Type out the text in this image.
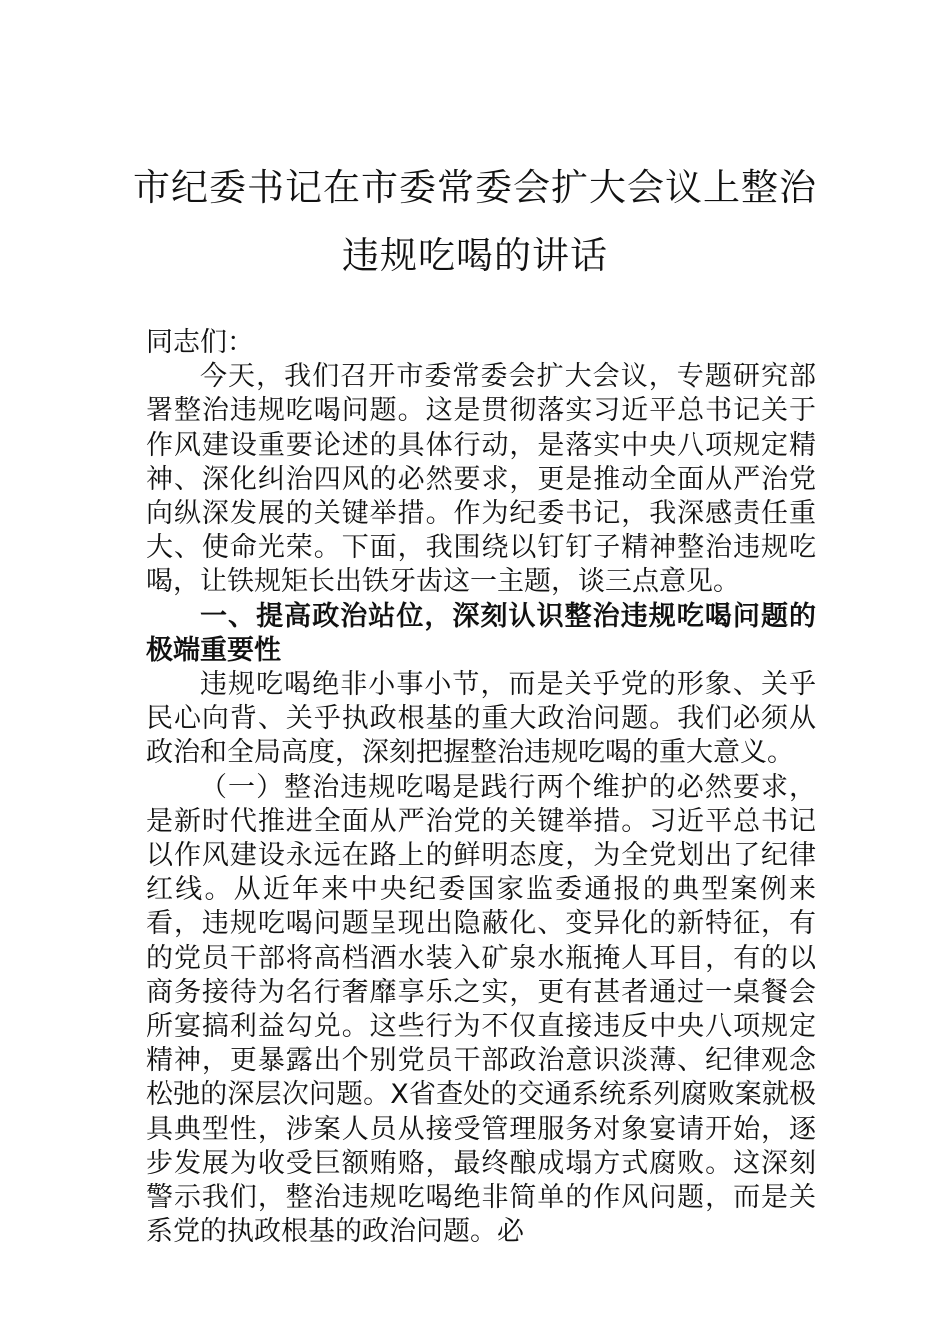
市纪委书记在市委常委会扩大会议上整治
违规吃喝的讲话

同志们：

今天，我们召开市委常委会扩大会议，专题研究部署整治违规吃喝问题。这是贯彻落实习近平总书记关于作风建设重要论述的具体行动，是落实中央八项规定精神、深化纠治四风的必然要求，更是推动全面从严治党向纵深发展的关键举措。作为纪委书记，我深感责任重大、使命光荣。下面，我围绕以钉钉子精神整治违规吃喝，让铁规矩长出铁牙齿这一主题，谈三点意见。

一、提高政治站位，深刻认识整治违规吃喝问题的极端重要性

违规吃喝绝非小事小节，而是关乎党的形象、关乎民心向背、关乎执政根基的重大政治问题。我们必须从政治和全局高度，深刻把握整治违规吃喝的重大意义。

（一）整治违规吃喝是践行两个维护的必然要求，是新时代推进全面从严治党的关键举措。习近平总书记以作风建设永远在路上的鲜明态度，为全党划出了纪律红线。从近年来中央纪委国家监委通报的典型案例来看，违规吃喝问题呈现出隐蔽化、变异化的新特征，有的党员干部将高档酒水装入矿泉水瓶掩人耳目，有的以商务接待为名行奢靡享乐之实，更有甚者通过一桌餐会所宴搞利益勾兑。这些行为不仅直接违反中央八项规定精神，更暴露出个别党员干部政治意识淡薄、纪律观念松弛的深层次问题。X省查处的交通系统系列腐败案就极具典型性，涉案人员从接受管理服务对象宴请开始，逐步发展为收受巨额贿赂，最终酿成塌方式腐败。这深刻警示我们，整治违规吃喝绝非简单的作风问题，而是关系党的执政根基的政治问题。必
